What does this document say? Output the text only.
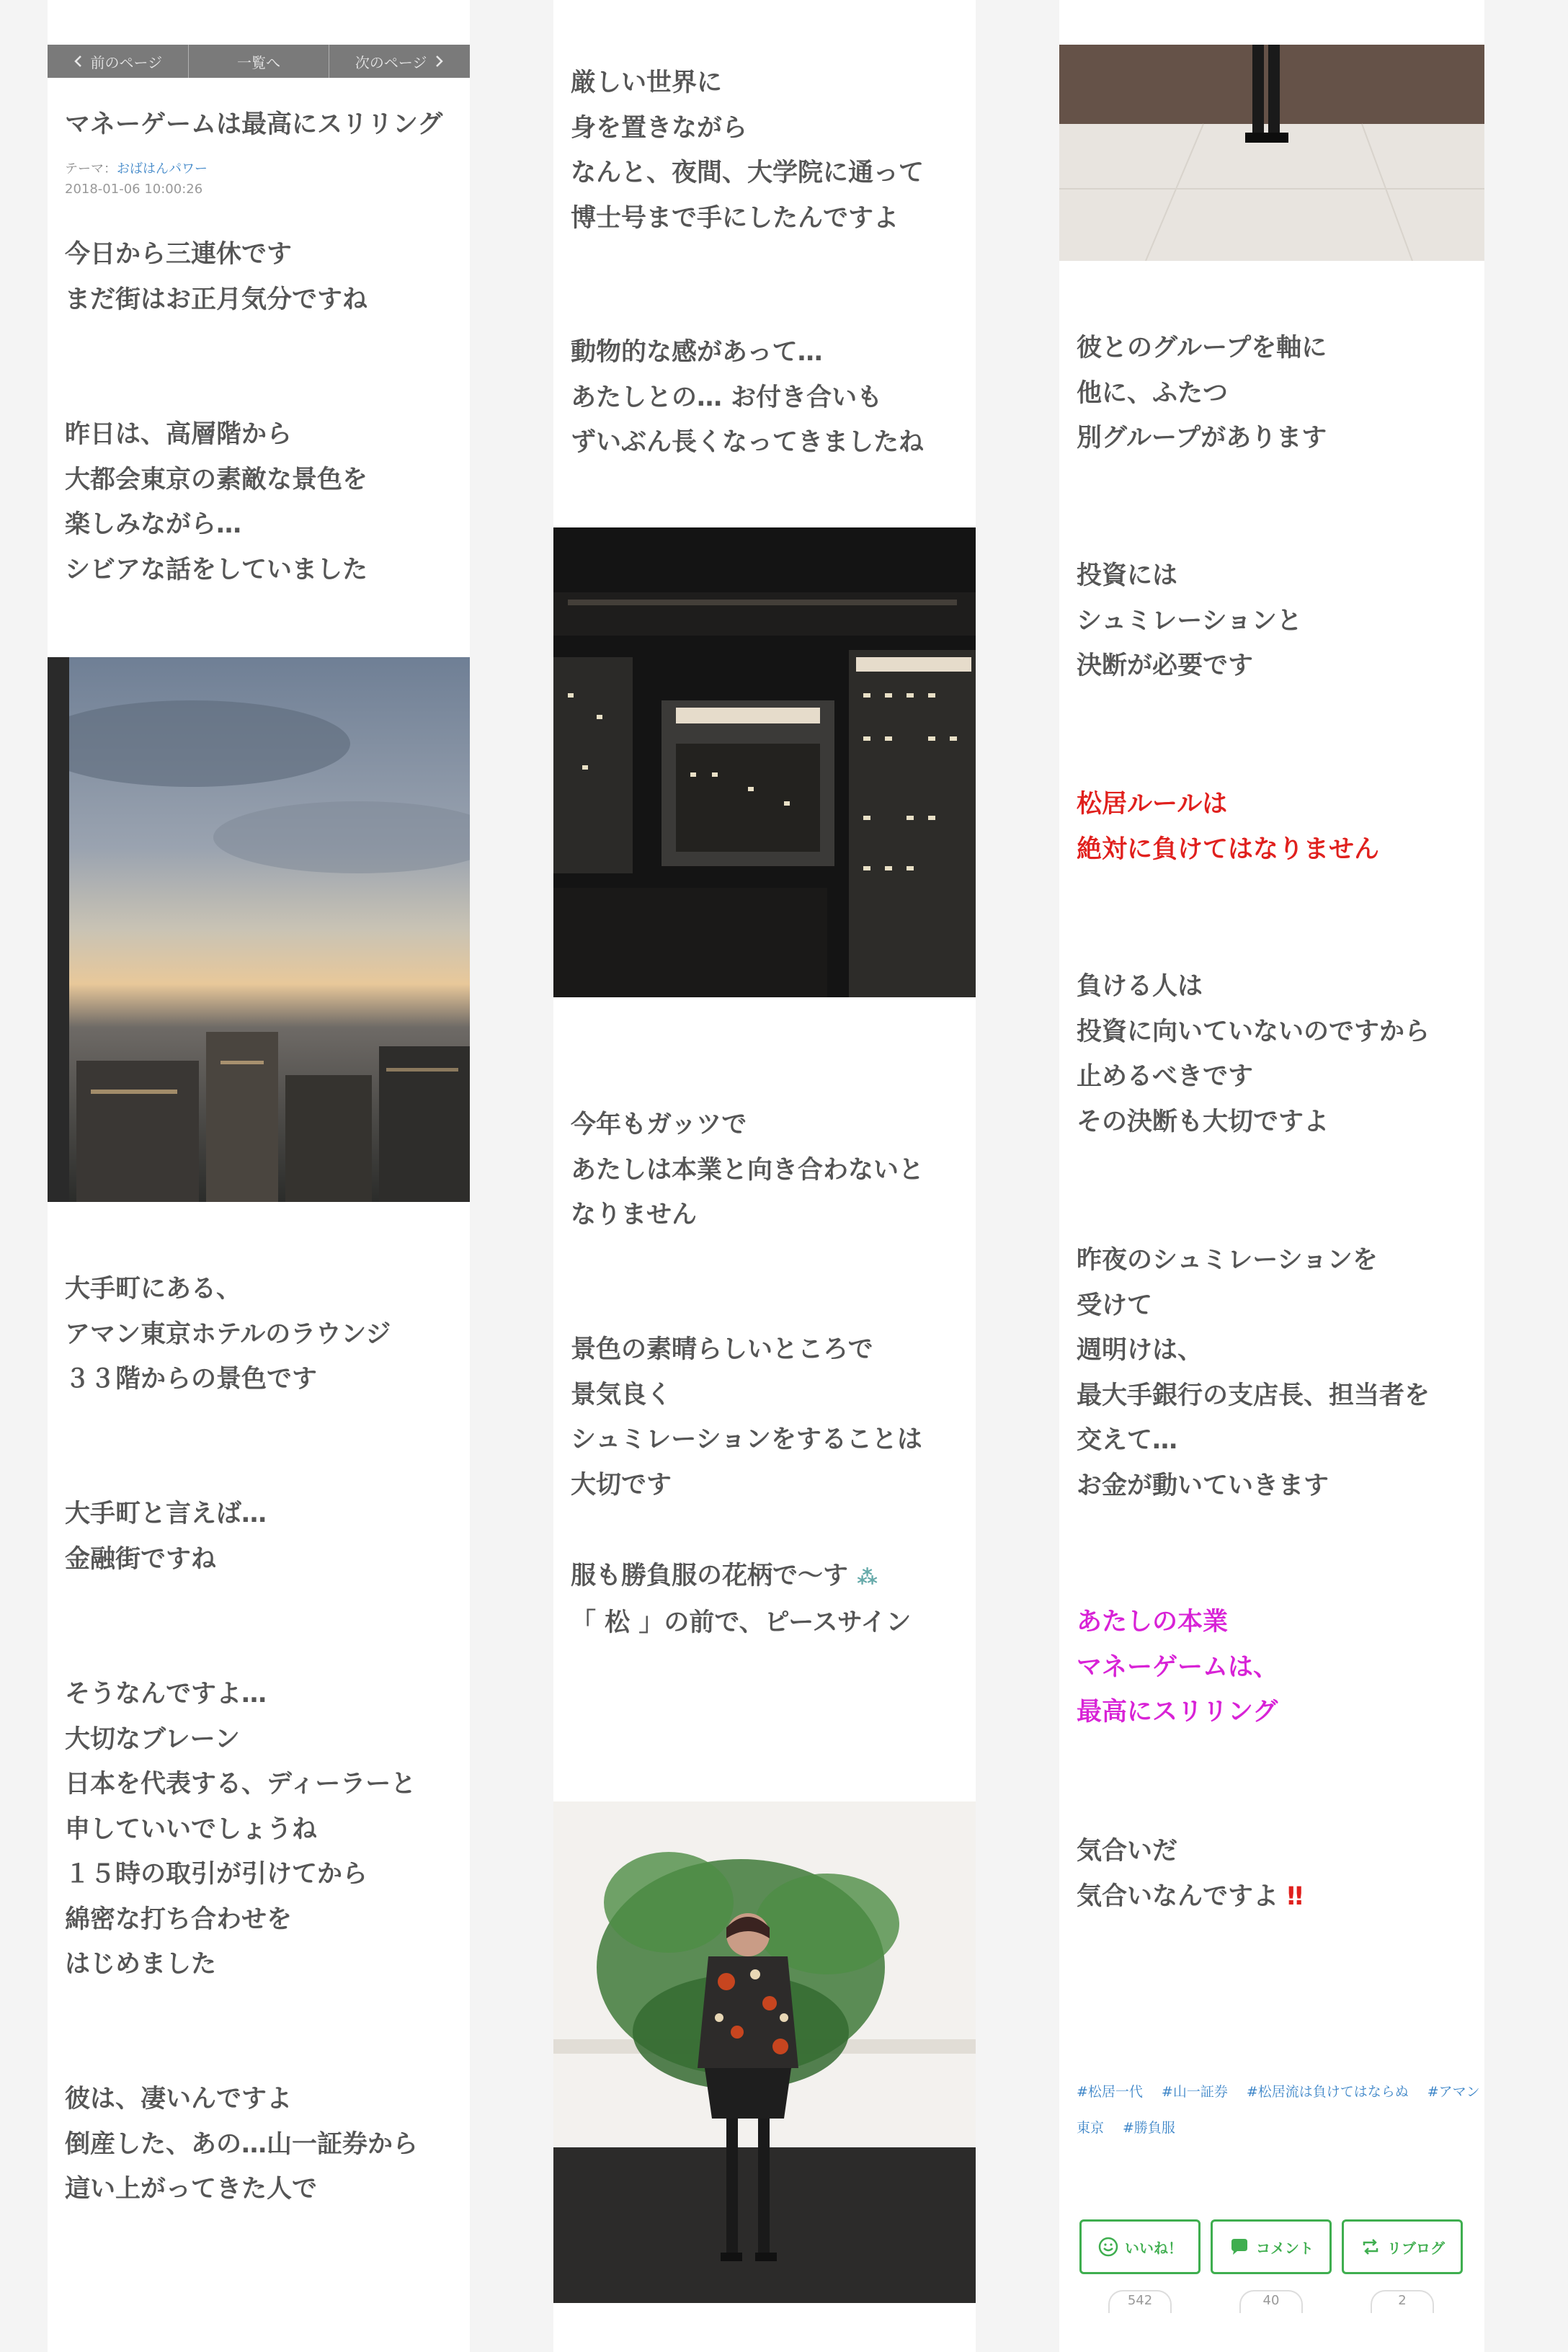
前のページ	一覧へ	次のページ
マネーゲームは最高にスリリング
テーマ：おばはんパワー
2018-01-06 10:00:26
今日から三連休です
まだ街はお正月気分ですね
昨日は、高層階から
大都会東京の素敵な景色を
楽しみながら…
シビアな話をしていました
大手町にある、
アマン東京ホテルのラウンジ
３３階からの景色です
大手町と言えば…
金融街ですね
そうなんですよ…
大切なブレーン
日本を代表する、ディーラーと
申していいでしょうね
１５時の取引が引けてから
綿密な打ち合わせを
はじめました
彼は、凄いんですよ
倒産した、あの…山一証券から
這い上がってきた人で
厳しい世界に
身を置きながら
なんと、夜間、大学院に通って
博士号まで手にしたんですよ
動物的な感があって…
あたしとの… お付き合いも
ずいぶん長くなってきましたね
今年もガッツで
あたしは本業と向き合わないと
なりません
景色の素晴らしいところで
景気良く
シュミレーションをすることは
大切です
服も勝負服の花柄で～す ⁂
「 松 」の前で、ピースサイン
彼とのグループを軸に
他に、ふたつ
別グループがあります
投資には
シュミレーションと
決断が必要です
松居ルールは
絶対に負けてはなりません
負ける人は
投資に向いていないのですから
止めるべきです
その決断も大切ですよ
昨夜のシュミレーションを
受けて
週明けは、
最大手銀行の支店長、担当者を
交えて…
お金が動いていきます
あたしの本業
マネーゲームは、
最高にスリリング
気合いだ
気合いなんですよ ‼
#松居一代 #山一証券 #松居流は負けてはならぬ #アマン東京 #勝負服
いいね！	コメント	リブログ
542	40	2
